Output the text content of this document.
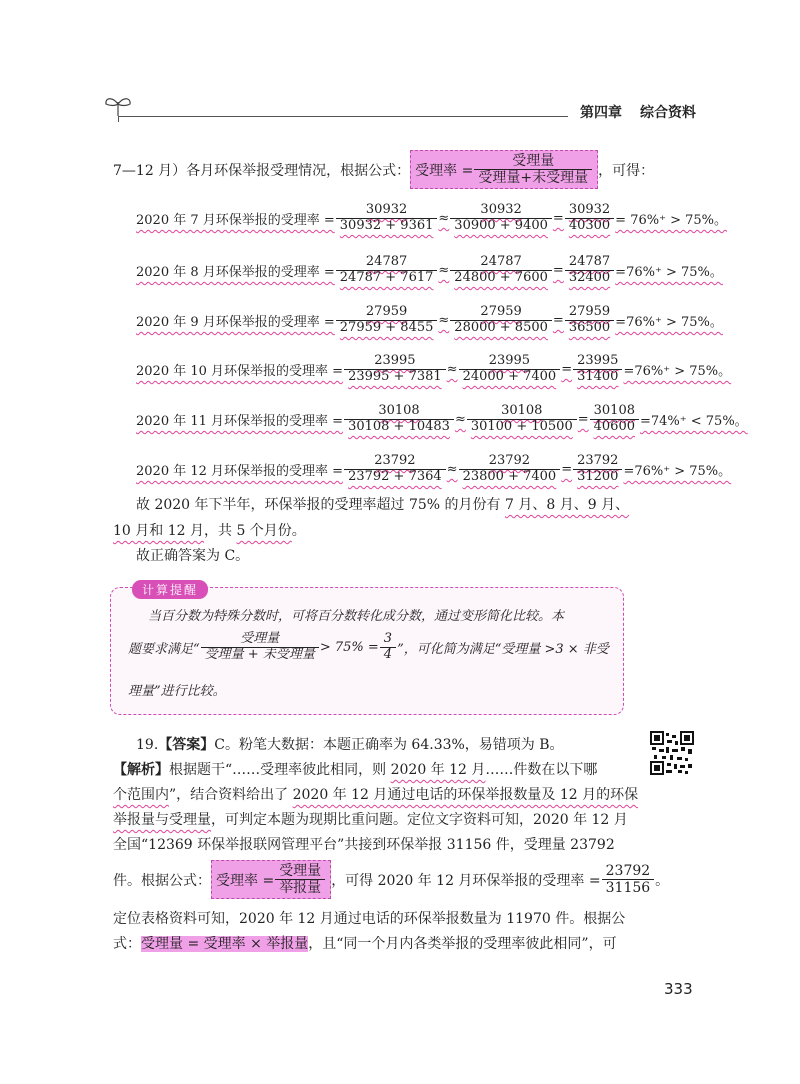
第四章 综合资料
7—12 月）各月环保举报受理情况，根据公式： 受理率 = $\frac{\text{受理量}}{\text{受理量+未受理量}}$ ，可得：
2020 年 7 月环保举报的受理率 = $\frac{30932}{30932 + 9361} \approx \frac{30932}{30900 + 9400} = \frac{30932}{40300} = 76\%^+ > 75\%$。
2020 年 8 月环保举报的受理率 = $\frac{24787}{24787 + 7617} \approx \frac{24787}{24800 + 7600} = \frac{24787}{32400} =76\%^+ > 75\%$。
2020 年 9 月环保举报的受理率 = $\frac{27959}{27959 + 8455} \approx \frac{27959}{28000 + 8500} = \frac{27959}{36500} =76\%^+ > 75\%$。
2020 年 10 月环保举报的受理率 = $\frac{23995}{23995 + 7381} \approx \frac{23995}{24000 + 7400} = \frac{23995}{31400} =76\%^+ > 75\%$。
2020 年 11 月环保举报的受理率 = $\frac{30108}{30108 + 10483} \approx \frac{30108}{30100 + 10500} = \frac{30108}{40600} =74\%^+ < 75\%$。
2020 年 12 月环保举报的受理率 = $\frac{23792}{23792 + 7364} \approx \frac{23792}{23800 + 7400} = \frac{23792}{31200} =76\%^+ > 75\%$。
故 2020 年下半年，环保举报的受理率超过 75% 的月份有 7 月、8 月、9 月、
10 月和 12 月，共 5 个月份。
故正确答案为 C。
计算提醒
当百分数为特殊分数时，可将百分数转化成分数，通过变形简化比较。本
题要求满足“ $\frac{\text{受理量}}{\text{受理量 + 未受理量}} > 75\% = \frac{3}{4}$ ”，可化简为满足“受理量 >3 × 非受
理量”进行比较。
19.【答案】C。粉笔大数据：本题正确率为 64.33%，易错项为 B。
【解析】根据题干“……受理率彼此相同，则 2020 年 12 月……件数在以下哪
个范围内”，结合资料给出了 2020 年 12 月通过电话的环保举报数量及 12 月的环保
举报量与受理量，可判定本题为现期比重问题。定位文字资料可知，2020 年 12 月
全国“12369 环保举报联网管理平台”共接到环保举报 31156 件，受理量 23792
件。根据公式： 受理率 = $\frac{\text{受理量}}{\text{举报量}}$ ，可得 2020 年 12 月环保举报的受理率 = $\frac{23792}{31156}$ 。
定位表格资料可知，2020 年 12 月通过电话的环保举报数量为 11970 件。根据公
式：受理量 = 受理率 × 举报量，且“同一个月内各类举报的受理率彼此相同”，可
333
